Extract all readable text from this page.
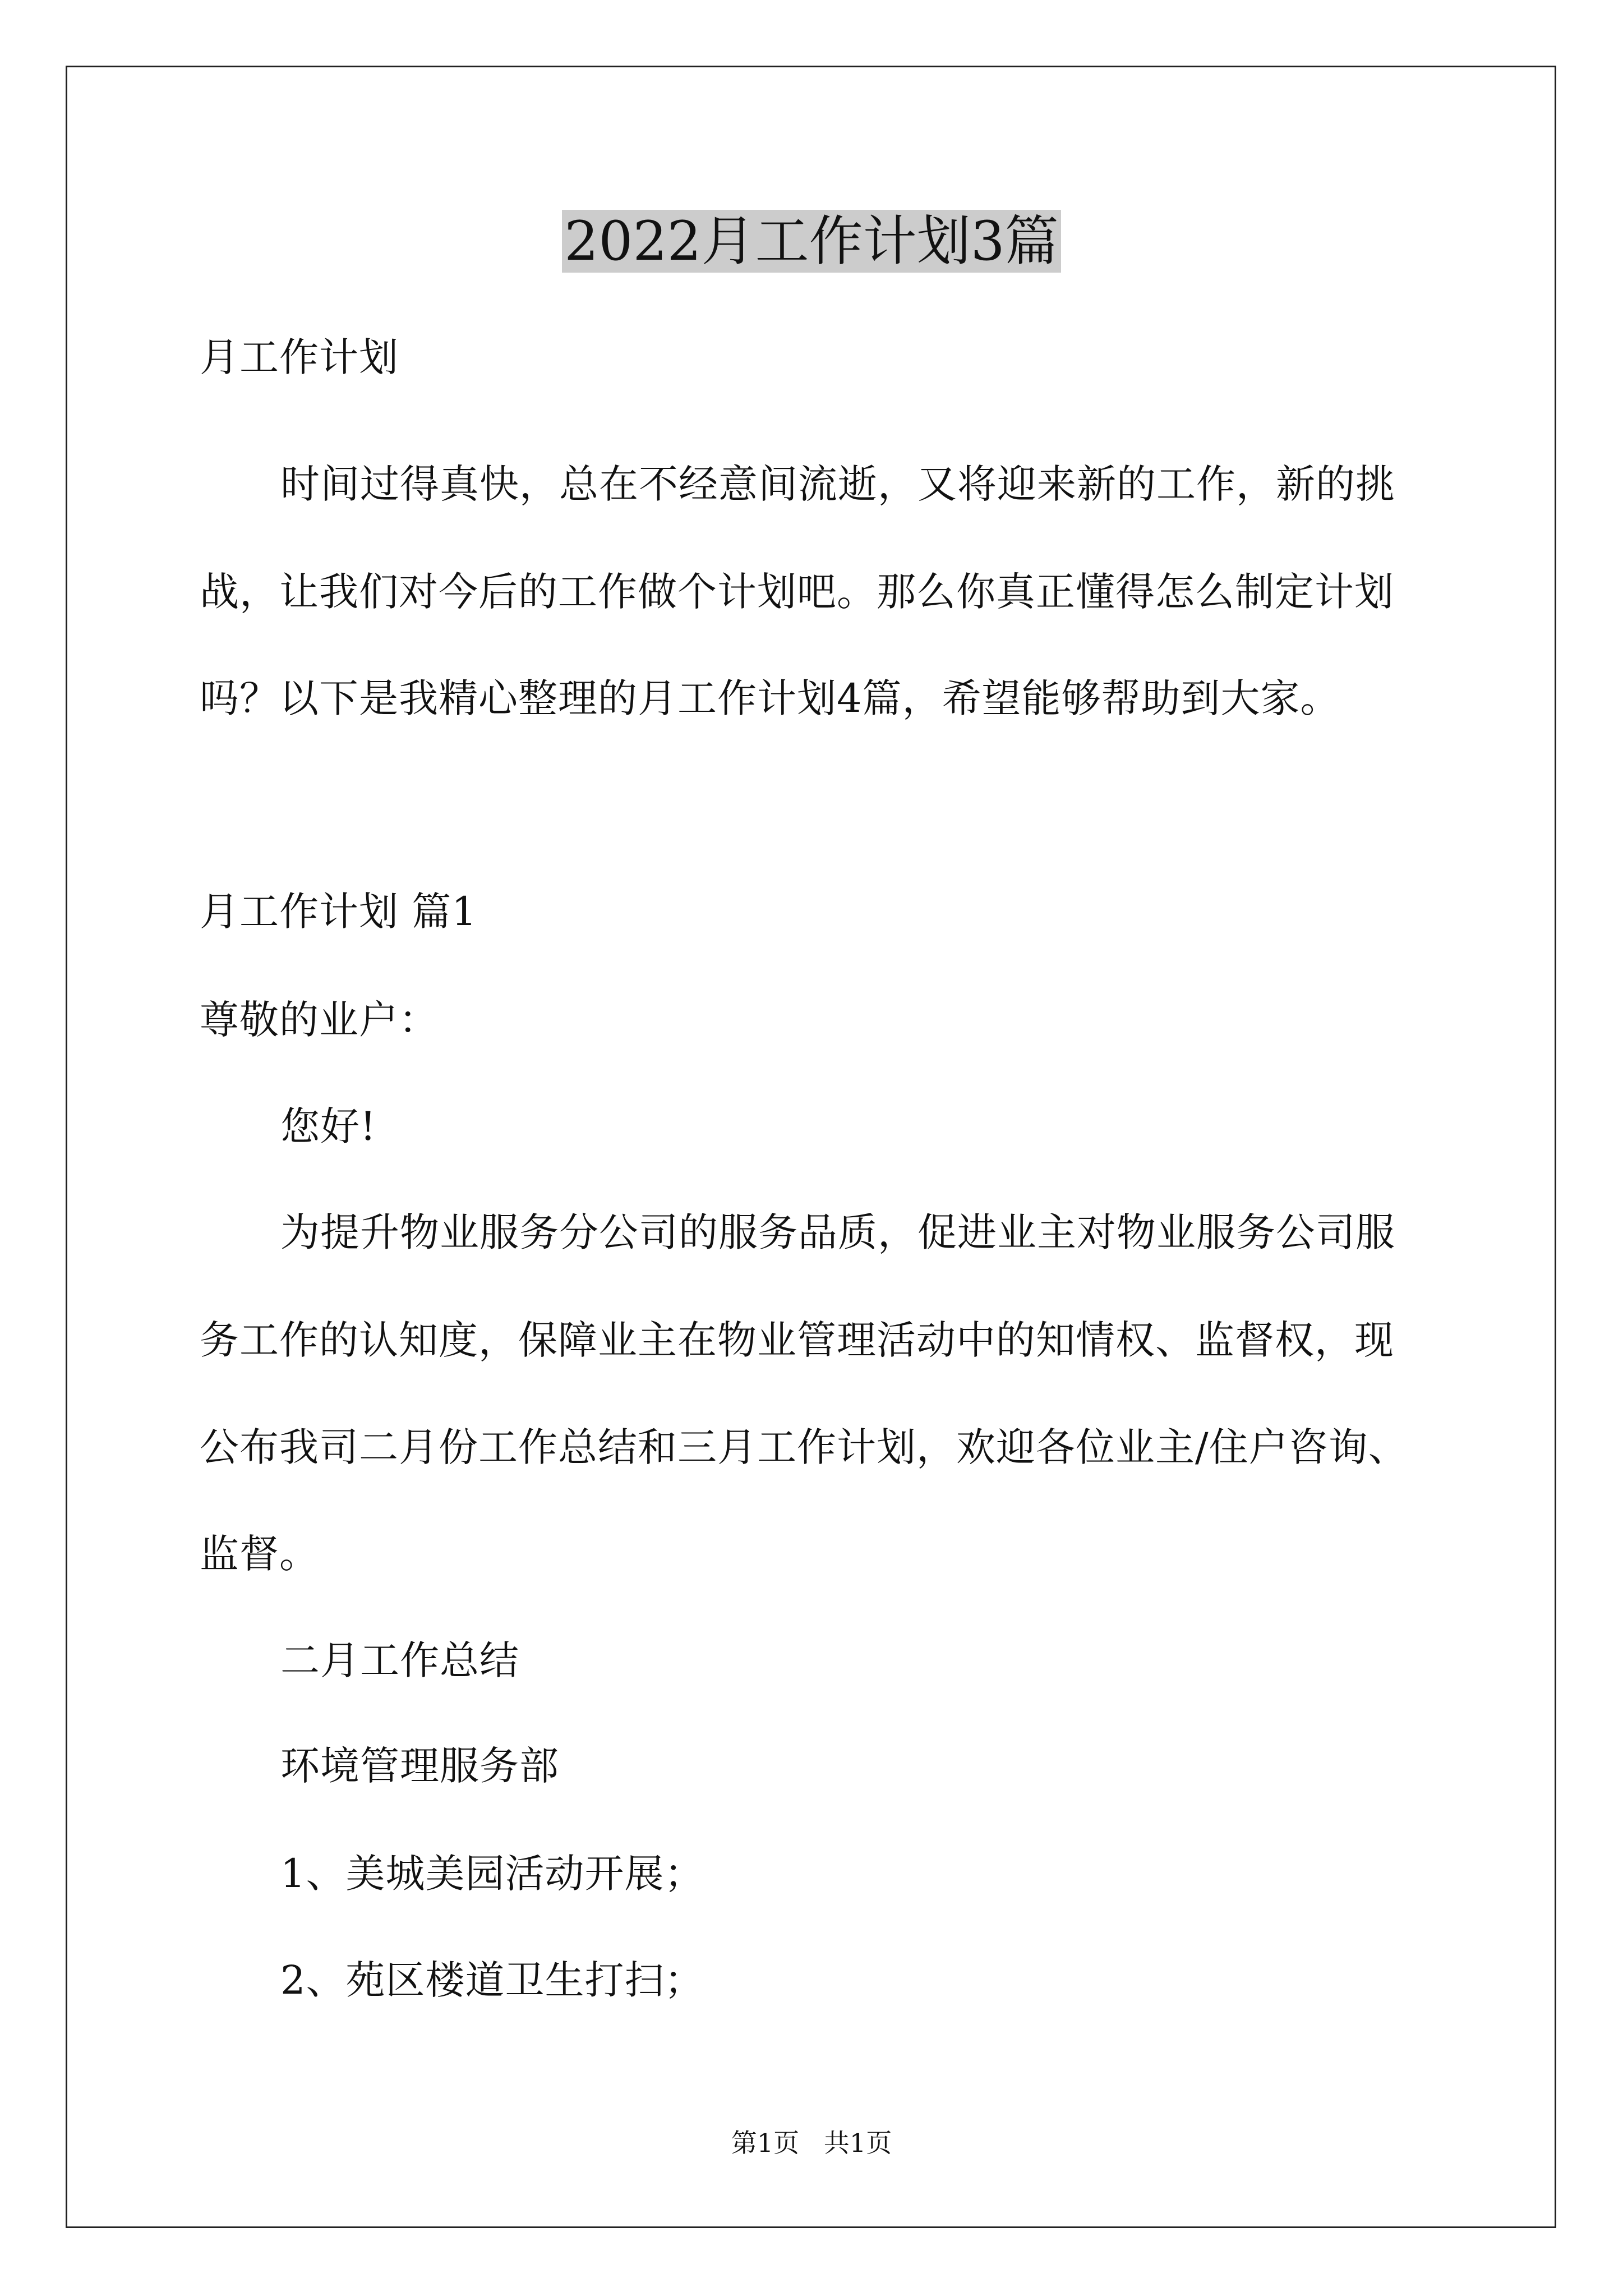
2022月工作计划3篇
月工作计划
时间过得真快，总在不经意间流逝，又将迎来新的工作，新的挑
战，让我们对今后的工作做个计划吧。那么你真正懂得怎么制定计划
吗？以下是我精心整理的月工作计划4篇，希望能够帮助到大家。
月工作计划 篇1
尊敬的业户：
您好!
为提升物业服务分公司的服务品质，促进业主对物业服务公司服
务工作的认知度，保障业主在物业管理活动中的知情权、监督权，现
公布我司二月份工作总结和三月工作计划，欢迎各位业主/住户咨询、
监督。
二月工作总结
环境管理服务部
1、美城美园活动开展；
2、苑区楼道卫生打扫；
第1页   共1页
